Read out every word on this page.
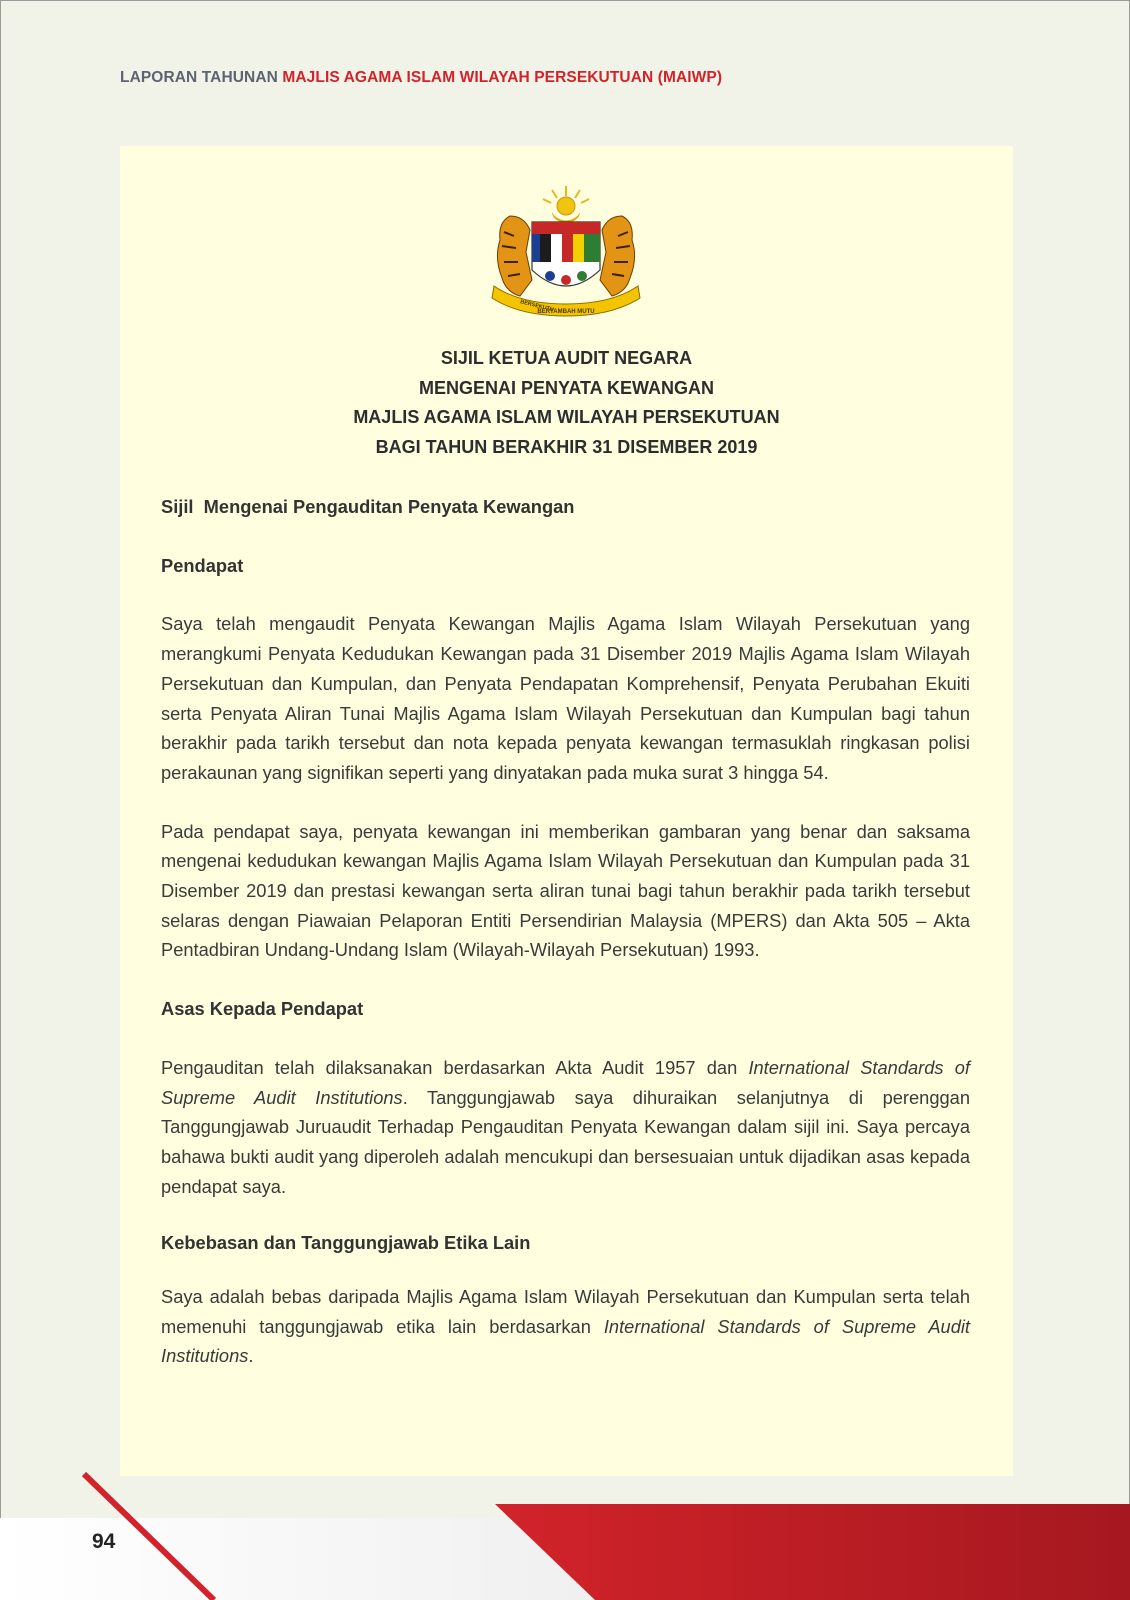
LAPORAN TAHUNAN MAJLIS AGAMA ISLAM WILAYAH PERSEKUTUAN (MAIWP)
BERSEKUTU
BERTAMBAH MUTU
SIJIL KETUA AUDIT NEGARA
MENGENAI PENYATA KEWANGAN
MAJLIS AGAMA ISLAM WILAYAH PERSEKUTUAN
BAGI TAHUN BERAKHIR 31 DISEMBER 2019
Sijil  Mengenai Pengauditan Penyata Kewangan
Pendapat

Saya telah mengaudit Penyata Kewangan Majlis Agama Islam Wilayah Persekutuan yang merangkumi Penyata Kedudukan Kewangan pada 31 Disember 2019 Majlis Agama Islam Wilayah Persekutuan dan Kumpulan, dan Penyata Pendapatan Komprehensif, Penyata Perubahan Ekuiti serta Penyata Aliran Tunai Majlis Agama Islam Wilayah Persekutuan dan Kumpulan bagi tahun berakhir pada tarikh tersebut dan nota kepada penyata kewangan termasuklah ringkasan polisi perakaunan yang signifikan seperti yang dinyatakan pada muka surat 3 hingga 54.

Pada pendapat saya, penyata kewangan ini memberikan gambaran yang benar dan saksama mengenai kedudukan kewangan Majlis Agama Islam Wilayah Persekutuan dan Kumpulan pada 31 Disember 2019 dan prestasi kewangan serta aliran tunai bagi tahun berakhir pada tarikh tersebut selaras dengan Piawaian Pelaporan Entiti Persendirian Malaysia (MPERS) dan Akta 505 – Akta Pentadbiran Undang-Undang Islam (Wilayah-Wilayah Persekutuan) 1993.

Asas Kepada Pendapat

Pengauditan telah dilaksanakan berdasarkan Akta Audit 1957 dan International Standards of Supreme Audit Institutions. Tanggungjawab saya dihuraikan selanjutnya di perenggan Tanggungjawab Juruaudit Terhadap Pengauditan Penyata Kewangan dalam sijil ini. Saya percaya bahawa bukti audit yang diperoleh adalah mencukupi dan bersesuaian untuk dijadikan asas kepada pendapat saya.

Kebebasan dan Tanggungjawab Etika Lain

Saya adalah bebas daripada Majlis Agama Islam Wilayah Persekutuan dan Kumpulan serta telah memenuhi tanggungjawab etika lain berdasarkan International Standards of Supreme Audit Institutions.

94
